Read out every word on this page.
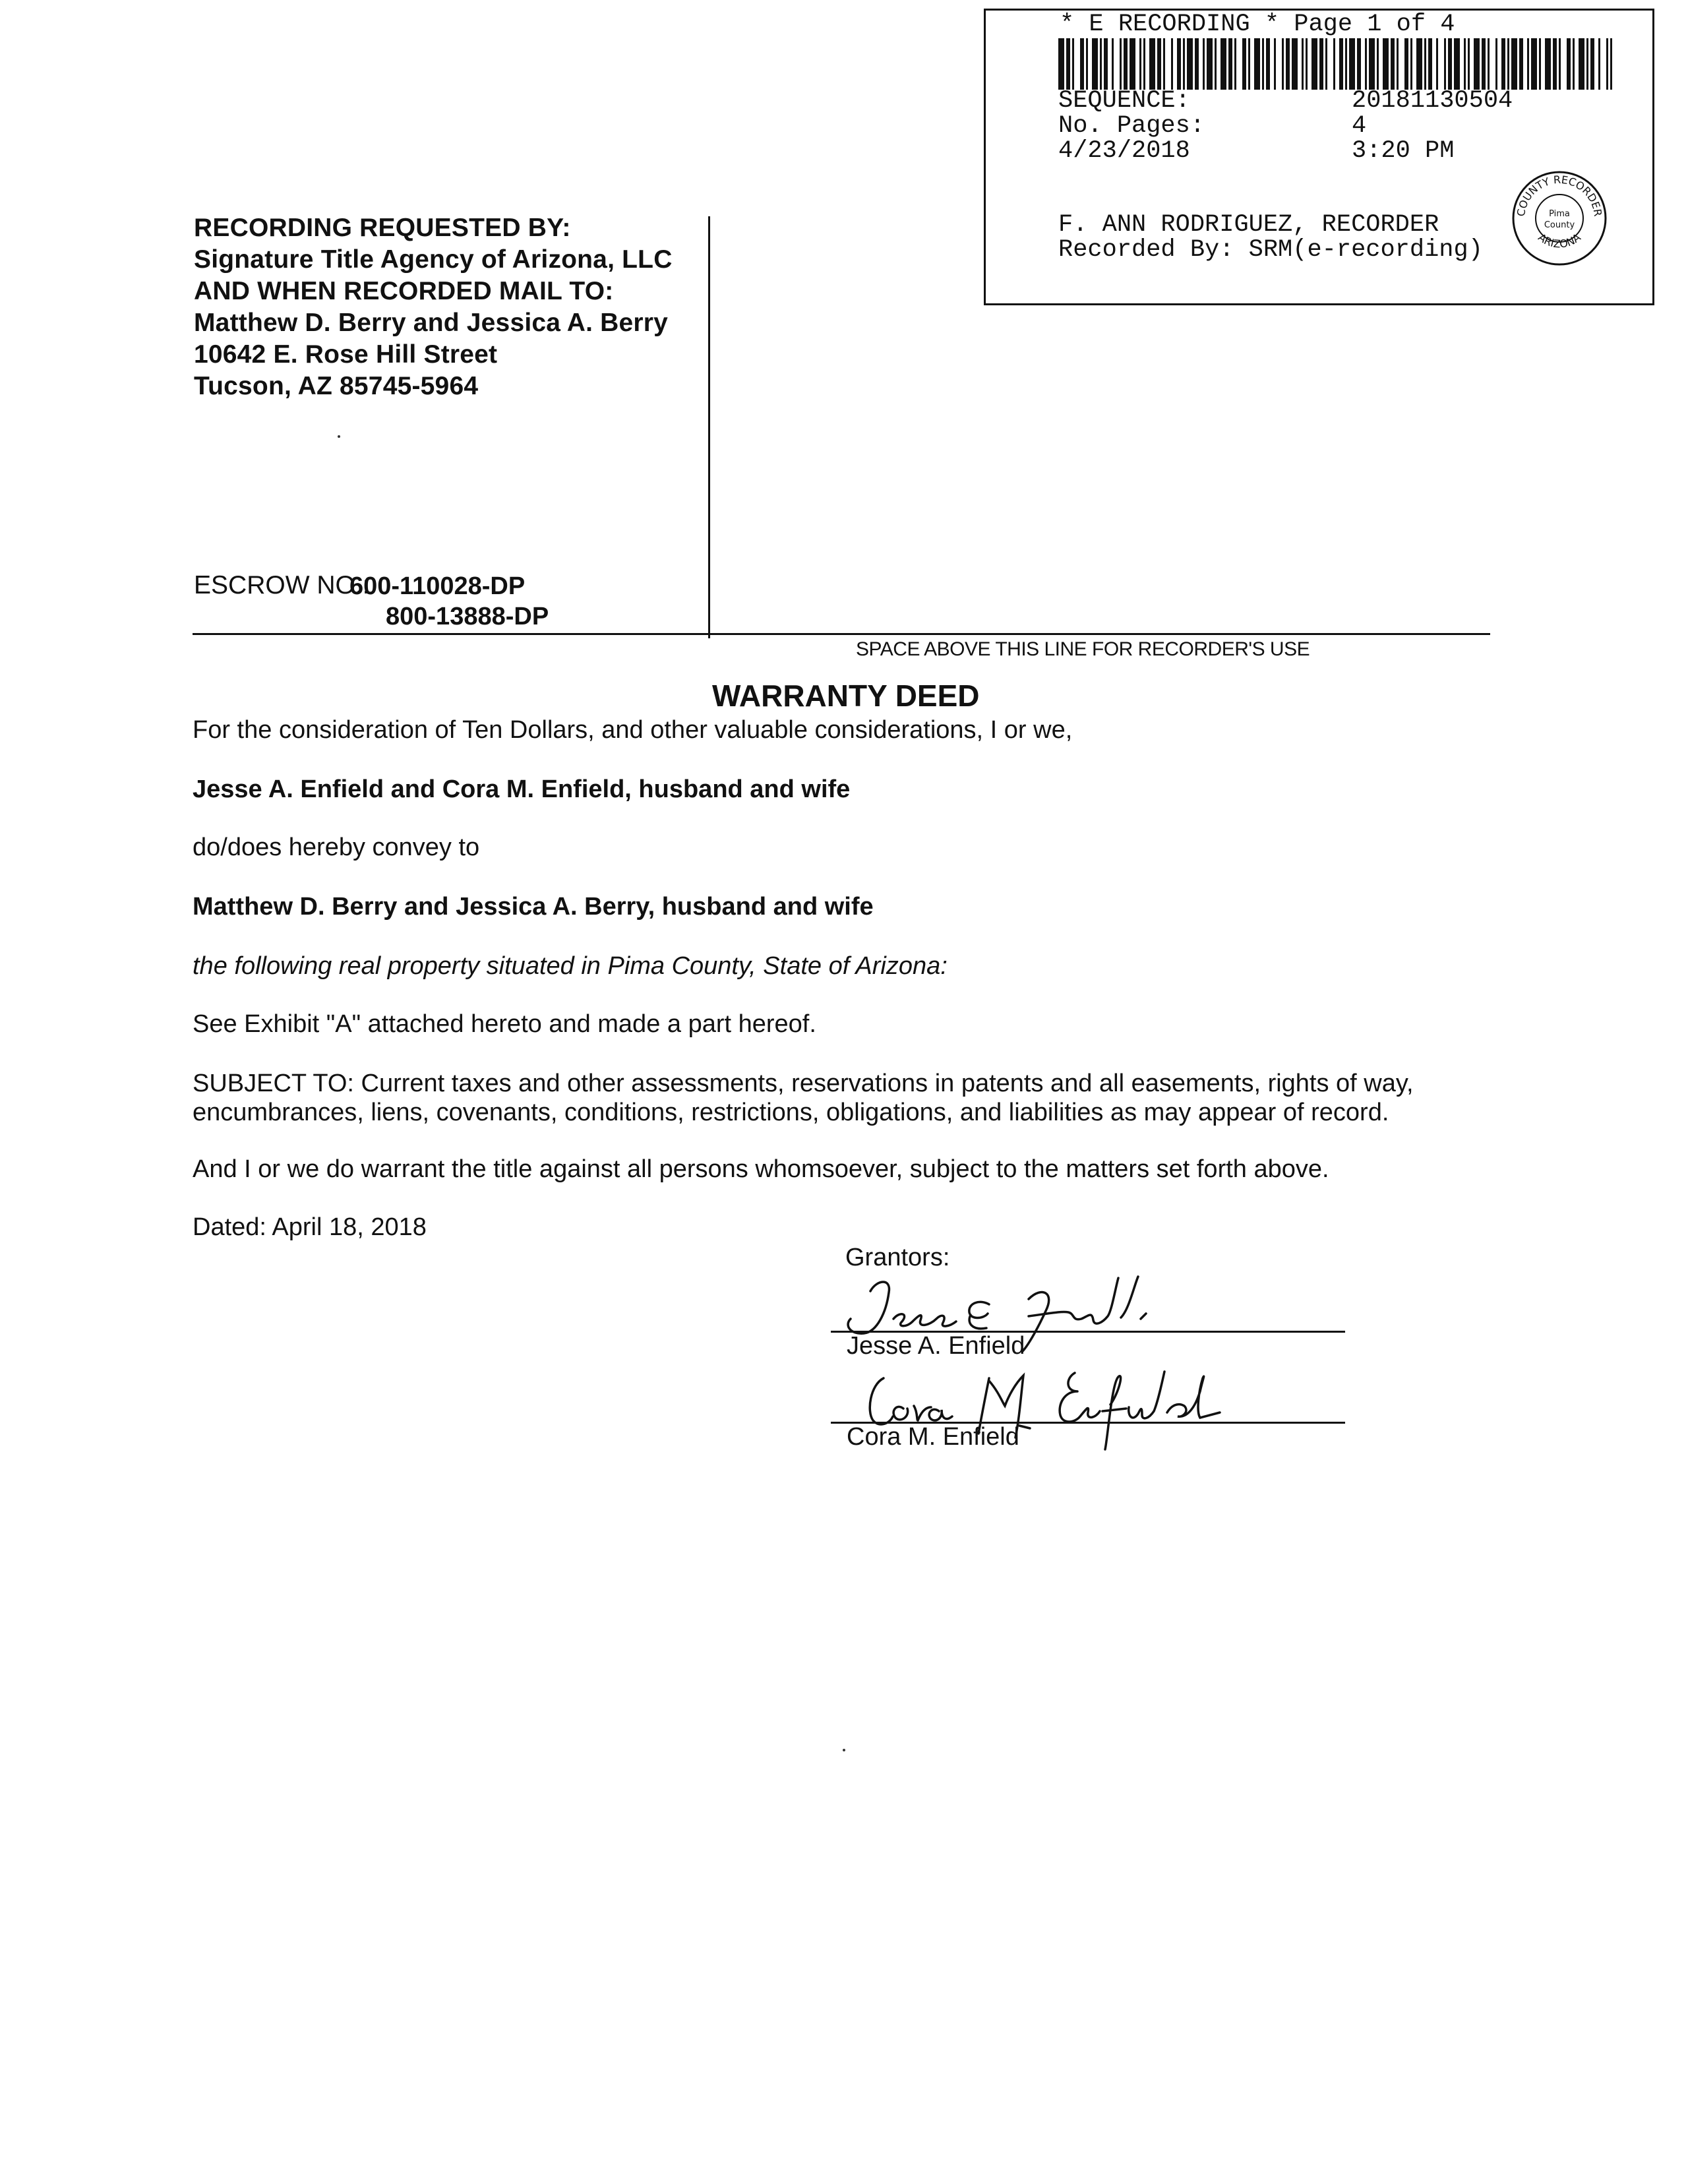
* E RECORDING * Page 1 of 4
SEQUENCE:	20181130504
No. Pages:	4
4/23/2018	3:20 PM
F. ANN RODRIGUEZ, RECORDER
Recorded By: SRM(e-recording)
COUNTY RECORDER
ARIZONA
Pima
County
RECORDING REQUESTED BY:
Signature Title Agency of Arizona, LLC
AND WHEN RECORDED MAIL TO:
Matthew D. Berry and Jessica A. Berry
10642 E. Rose Hill Street
Tucson, AZ 85745-5964
ESCROW NO.:
600-110028-DP
800-13888-DP
SPACE ABOVE THIS LINE FOR RECORDER'S USE
WARRANTY DEED
For the consideration of Ten Dollars, and other valuable considerations, I or we,
Jesse A. Enfield and Cora M. Enfield, husband and wife
do/does hereby convey to
Matthew D. Berry and Jessica A. Berry, husband and wife
the following real property situated in Pima County, State of Arizona:
See Exhibit "A" attached hereto and made a part hereof.
SUBJECT TO: Current taxes and other assessments, reservations in patents and all easements, rights of way,
encumbrances, liens, covenants, conditions, restrictions, obligations, and liabilities as may appear of record.
And I or we do warrant the title against all persons whomsoever, subject to the matters set forth above.
Dated: April 18, 2018
Grantors:
Jesse A. Enfield
Cora M. Enfield
